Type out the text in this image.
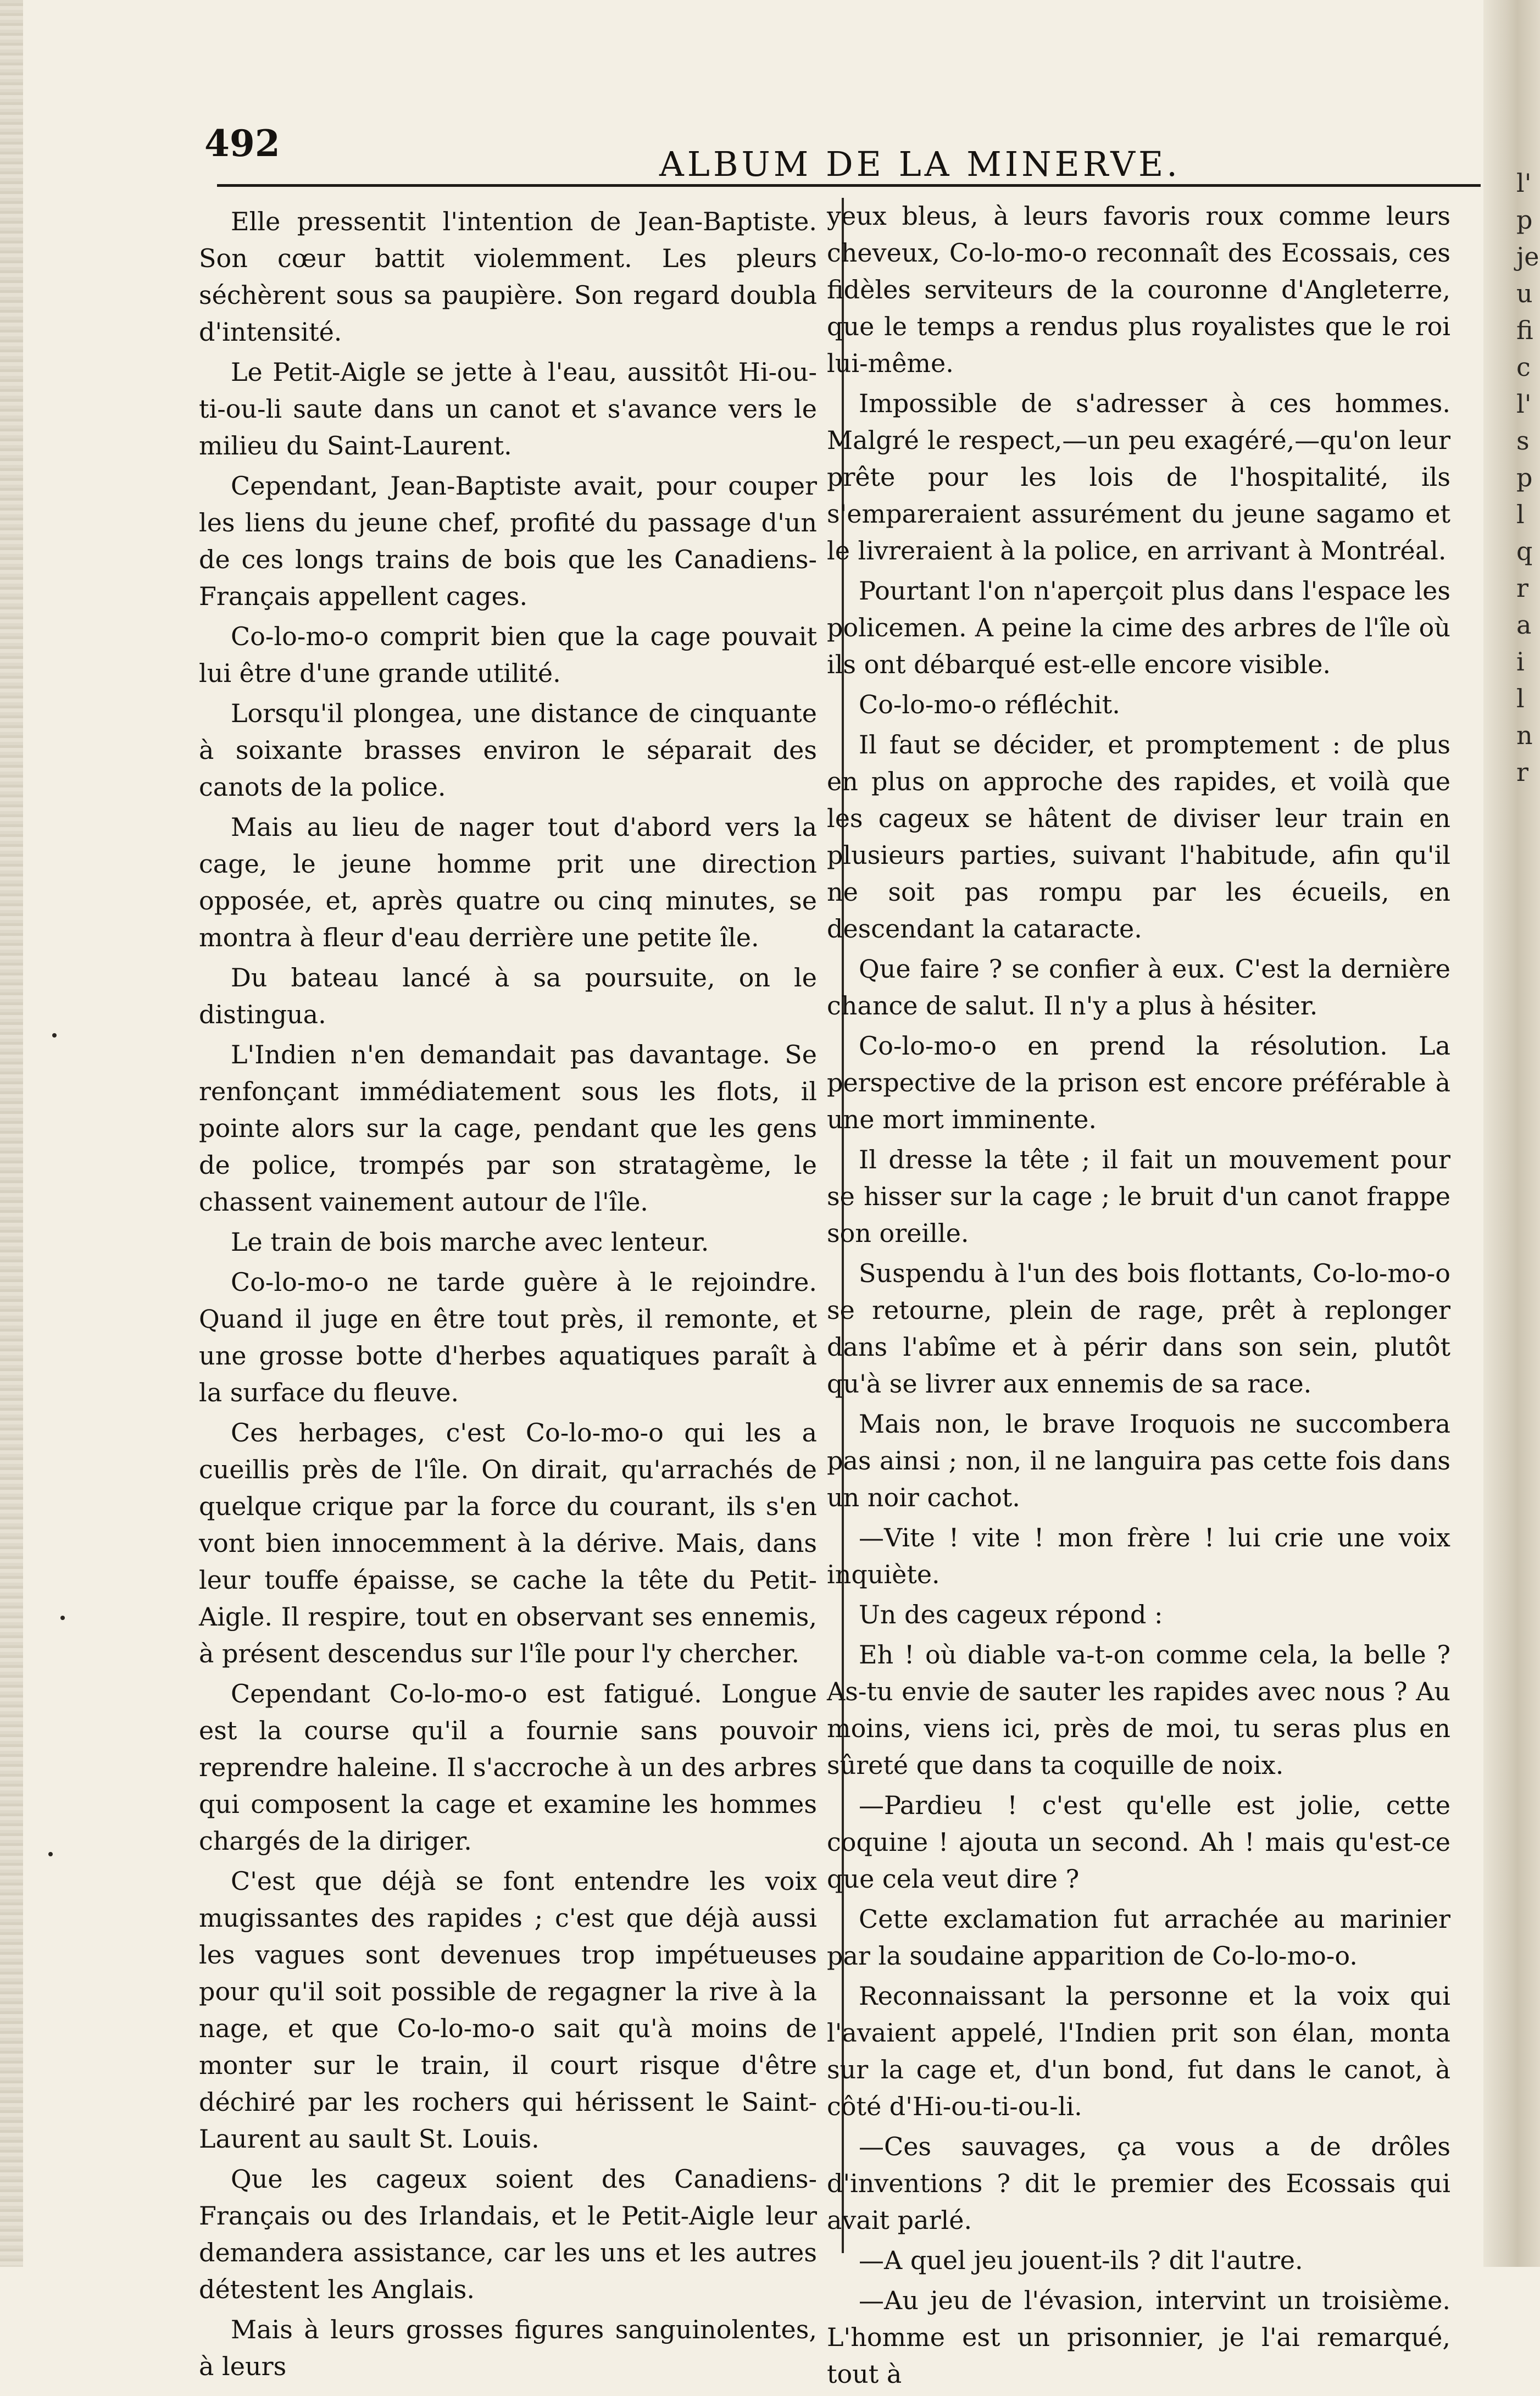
492	ALBUM DE LA MINERVE.

Elle pressentit l'intention de Jean-Baptiste. Son cœur battit violemment. Les pleurs séchèrent sous sa paupière. Son regard doubla d'intensité.

Le Petit-Aigle se jette à l'eau, aussitôt Hi-ou-ti-ou-li saute dans un canot et s'avance vers le milieu du Saint-Laurent.

Cependant, Jean-Baptiste avait, pour couper les liens du jeune chef, profité du passage d'un de ces longs trains de bois que les Canadiens-Français appellent cages.

Co-lo-mo-o comprit bien que la cage pouvait lui être d'une grande utilité.

Lorsqu'il plongea, une distance de cinquante à soixante brasses environ le séparait des canots de la police.

Mais au lieu de nager tout d'abord vers la cage, le jeune homme prit une direction opposée, et, après quatre ou cinq minutes, se montra à fleur d'eau derrière une petite île.

Du bateau lancé à sa poursuite, on le distingua.

L'Indien n'en demandait pas davantage. Se renfonçant immédiatement sous les flots, il pointe alors sur la cage, pendant que les gens de police, trompés par son stratagème, le chassent vainement autour de l'île.

Le train de bois marche avec lenteur.

Co-lo-mo-o ne tarde guère à le rejoindre. Quand il juge en être tout près, il remonte, et une grosse botte d'herbes aquatiques paraît à la surface du fleuve.

Ces herbages, c'est Co-lo-mo-o qui les a cueillis près de l'île. On dirait, qu'arrachés de quelque crique par la force du courant, ils s'en vont bien innocemment à la dérive. Mais, dans leur touffe épaisse, se cache la tête du Petit-Aigle. Il respire, tout en observant ses ennemis, à présent descendus sur l'île pour l'y chercher.

Cependant Co-lo-mo-o est fatigué. Longue est la course qu'il a fournie sans pouvoir reprendre haleine. Il s'accroche à un des arbres qui composent la cage et examine les hommes chargés de la diriger.

C'est que déjà se font entendre les voix mugissantes des rapides ; c'est que déjà aussi les vagues sont devenues trop impétueuses pour qu'il soit possible de regagner la rive à la nage, et que Co-lo-mo-o sait qu'à moins de monter sur le train, il court risque d'être déchiré par les rochers qui hérissent le Saint-Laurent au sault St. Louis.

Que les cageux soient des Canadiens-Français ou des Irlandais, et le Petit-Aigle leur demandera assistance, car les uns et les autres détestent les Anglais.

Mais à leurs grosses figures sanguinolentes, à leurs

yeux bleus, à leurs favoris roux comme leurs cheveux, Co-lo-mo-o reconnaît des Ecossais, ces fidèles serviteurs de la couronne d'Angleterre, que le temps a rendus plus royalistes que le roi lui-même.

Impossible de s'adresser à ces hommes. Malgré le respect,—un peu exagéré,—qu'on leur prête pour les lois de l'hospitalité, ils s'empareraient assurément du jeune sagamo et le livreraient à la police, en arrivant à Montréal.

Pourtant l'on n'aperçoit plus dans l'espace les policemen. A peine la cime des arbres de l'île où ils ont débarqué est-elle encore visible.

Co-lo-mo-o réfléchit.

Il faut se décider, et promptement : de plus en plus on approche des rapides, et voilà que les cageux se hâtent de diviser leur train en plusieurs parties, suivant l'habitude, afin qu'il ne soit pas rompu par les écueils, en descendant la cataracte.

Que faire ? se confier à eux. C'est la dernière chance de salut. Il n'y a plus à hésiter.

Co-lo-mo-o en prend la résolution. La perspective de la prison est encore préférable à une mort imminente.

Il dresse la tête ; il fait un mouvement pour se hisser sur la cage ; le bruit d'un canot frappe son oreille.

Suspendu à l'un des bois flottants, Co-lo-mo-o se retourne, plein de rage, prêt à replonger dans l'abîme et à périr dans son sein, plutôt qu'à se livrer aux ennemis de sa race.

Mais non, le brave Iroquois ne succombera pas ainsi ; non, il ne languira pas cette fois dans un noir cachot.

—Vite ! vite ! mon frère ! lui crie une voix inquiète.

Un des cageux répond :

Eh ! où diable va-t-on comme cela, la belle ? As-tu envie de sauter les rapides avec nous ? Au moins, viens ici, près de moi, tu seras plus en sûreté que dans ta coquille de noix.

—Pardieu ! c'est qu'elle est jolie, cette coquine ! ajouta un second. Ah ! mais qu'est-ce que cela veut dire ?

Cette exclamation fut arrachée au marinier par la soudaine apparition de Co-lo-mo-o.

Reconnaissant la personne et la voix qui l'avaient appelé, l'Indien prit son élan, monta sur la cage et, d'un bond, fut dans le canot, à côté d'Hi-ou-ti-ou-li.

—Ces sauvages, ça vous a de drôles d'inventions ? dit le premier des Ecossais qui avait parlé.

—A quel jeu jouent-ils ? dit l'autre.

—Au jeu de l'évasion, intervint un troisième. L'homme est un prisonnier, je l'ai remarqué, tout à

l'
p
je
u
fi
c
l'
s
p
l
q
r
a
i
l
n
r
